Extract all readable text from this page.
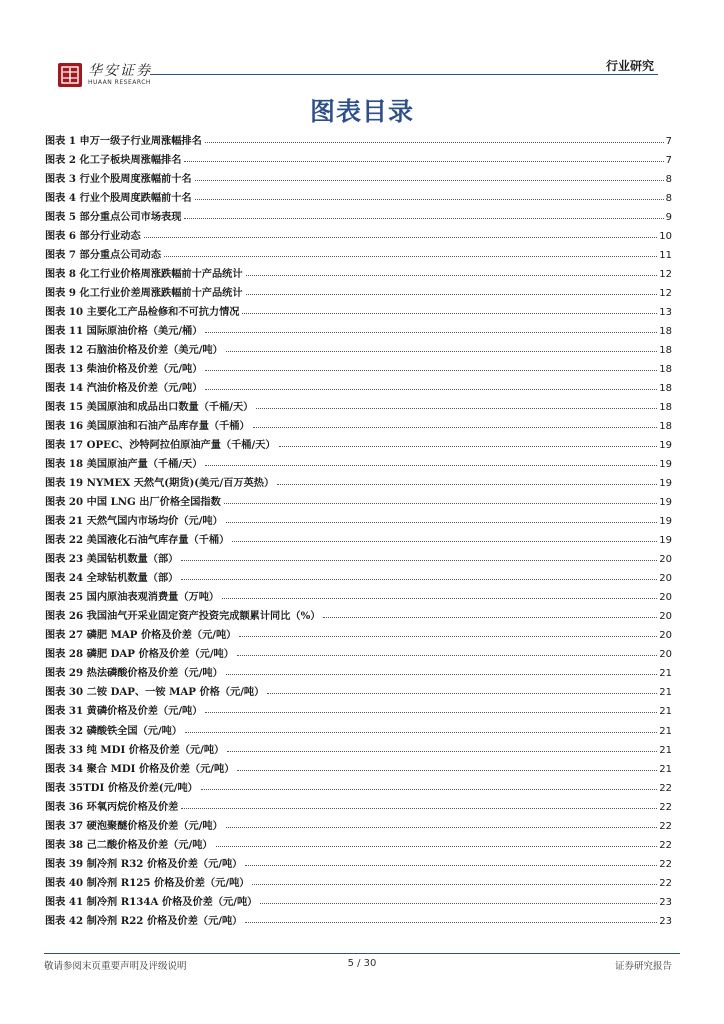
华安证券
HUAAN RESEARCH
行业研究
图表目录
图表 1 申万一级子行业周涨幅排名	7
图表 2 化工子板块周涨幅排名	7
图表 3 行业个股周度涨幅前十名	8
图表 4 行业个股周度跌幅前十名	8
图表 5 部分重点公司市场表现	9
图表 6 部分行业动态	10
图表 7 部分重点公司动态	11
图表 8 化工行业价格周涨跌幅前十产品统计	12
图表 9 化工行业价差周涨跌幅前十产品统计	12
图表 10 主要化工产品检修和不可抗力情况	13
图表 11 国际原油价格（美元/桶）	18
图表 12 石脑油价格及价差（美元/吨）	18
图表 13 柴油价格及价差（元/吨）	18
图表 14 汽油价格及价差（元/吨）	18
图表 15 美国原油和成品出口数量（千桶/天）	18
图表 16 美国原油和石油产品库存量（千桶）	18
图表 17 OPEC、沙特阿拉伯原油产量（千桶/天）	19
图表 18 美国原油产量（千桶/天）	19
图表 19 NYMEX 天然气(期货)(美元/百万英热）	19
图表 20 中国 LNG 出厂价格全国指数	19
图表 21 天然气国内市场均价（元/吨）	19
图表 22 美国液化石油气库存量（千桶）	19
图表 23 美国钻机数量（部）	20
图表 24 全球钻机数量（部）	20
图表 25 国内原油表观消费量（万吨）	20
图表 26 我国油气开采业固定资产投资完成额累计同比（%）	20
图表 27 磷肥 MAP 价格及价差（元/吨）	20
图表 28 磷肥 DAP 价格及价差（元/吨）	20
图表 29 热法磷酸价格及价差（元/吨）	21
图表 30 二铵 DAP、一铵 MAP 价格（元/吨）	21
图表 31 黄磷价格及价差（元/吨）	21
图表 32 磷酸铁全国（元/吨）	21
图表 33 纯 MDI 价格及价差（元/吨）	21
图表 34 聚合 MDI 价格及价差（元/吨）	21
图表 35TDI 价格及价差(元/吨）	22
图表 36 环氧丙烷价格及价差	22
图表 37 硬泡聚醚价格及价差（元/吨）	22
图表 38 己二酸价格及价差（元/吨）	22
图表 39 制冷剂 R32 价格及价差（元/吨）	22
图表 40 制冷剂 R125 价格及价差（元/吨）	22
图表 41 制冷剂 R134A 价格及价差（元/吨）	23
图表 42 制冷剂 R22 价格及价差（元/吨）	23
敬请参阅末页重要声明及评级说明	5 / 30	证券研究报告
